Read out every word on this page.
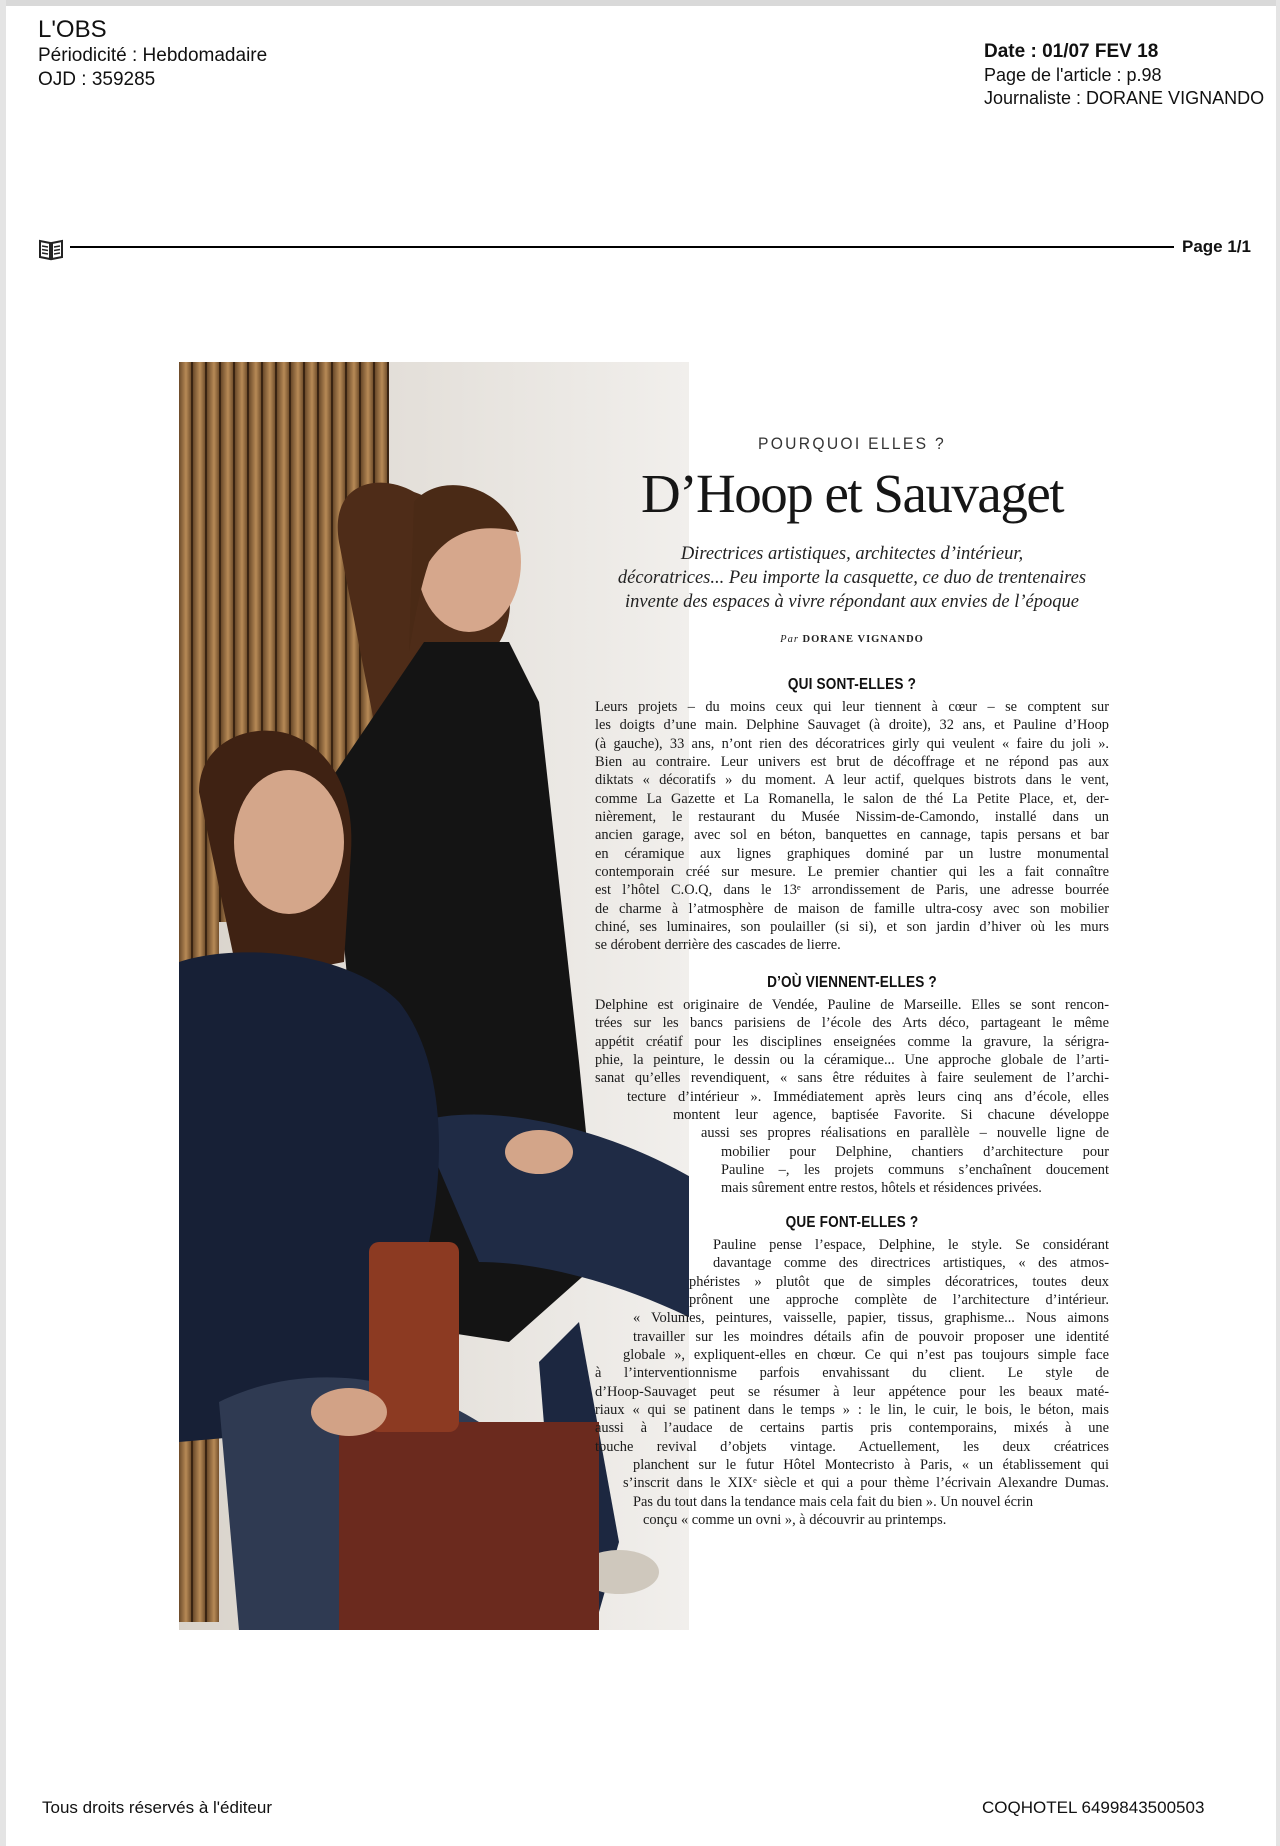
L'OBS
Périodicité : Hebdomadaire
OJD : 359285
Date : 01/07 FEV 18
Page de l'article : p.98
Journaliste : DORANE VIGNANDO
Page 1/1
POURQUOI ELLES ?
D’Hoop et Sauvaget
Directrices artistiques, architectes d’intérieur,
décoratrices... Peu importe la casquette, ce duo de trentenaires
invente des espaces à vivre répondant aux envies de l’époque
Par DORANE VIGNANDO
QUI SONT-ELLES ?
Leurs projets – du moins ceux qui leur tiennent à cœur – se comptent sur
les doigts d’une main. Delphine Sauvaget (à droite), 32 ans, et Pauline d’Hoop
(à gauche), 33 ans, n’ont rien des décoratrices girly qui veulent « faire du joli ».
Bien au contraire. Leur univers est brut de décoffrage et ne répond pas aux
diktats « décoratifs » du moment. A leur actif, quelques bistrots dans le vent,
comme La Gazette et La Romanella, le salon de thé La Petite Place, et, der-
nièrement, le restaurant du Musée Nissim-de-Camondo, installé dans un
ancien garage, avec sol en béton, banquettes en cannage, tapis persans et bar
en céramique aux lignes graphiques dominé par un lustre monumental
contemporain créé sur mesure. Le premier chantier qui les a fait connaître
est l’hôtel C.O.Q, dans le 13ᵉ arrondissement de Paris, une adresse bourrée
de charme à l’atmosphère de maison de famille ultra-cosy avec son mobilier
chiné, ses luminaires, son poulailler (si si), et son jardin d’hiver où les murs
se dérobent derrière des cascades de lierre.
D’OÙ VIENNENT-ELLES ?
Delphine est originaire de Vendée, Pauline de Marseille. Elles se sont rencon-
trées sur les bancs parisiens de l’école des Arts déco, partageant le même
appétit créatif pour les disciplines enseignées comme la gravure, la sérigra-
phie, la peinture, le dessin ou la céramique... Une approche globale de l’arti-
sanat qu’elles revendiquent, « sans être réduites à faire seulement de l’archi-
tecture d’intérieur ». Immédiatement après leurs cinq ans d’école, elles
montent leur agence, baptisée Favorite. Si chacune développe
aussi ses propres réalisations en parallèle – nouvelle ligne de
mobilier pour Delphine, chantiers d’architecture pour
Pauline –, les projets communs s’enchaînent doucement
mais sûrement entre restos, hôtels et résidences privées.
QUE FONT-ELLES ?
Pauline pense l’espace, Delphine, le style. Se considérant
davantage comme des directrices artistiques, « des atmos-
phéristes » plutôt que de simples décoratrices, toutes deux
prônent une approche complète de l’architecture d’intérieur.
« Volumes, peintures, vaisselle, papier, tissus, graphisme... Nous aimons
travailler sur les moindres détails afin de pouvoir proposer une identité
globale », expliquent-elles en chœur. Ce qui n’est pas toujours simple face
à l’interventionnisme parfois envahissant du client. Le style de
d’Hoop-Sauvaget peut se résumer à leur appétence pour les beaux maté-
riaux « qui se patinent dans le temps » : le lin, le cuir, le bois, le béton, mais
aussi à l’audace de certains partis pris contemporains, mixés à une
touche revival d’objets vintage. Actuellement, les deux créatrices
planchent sur le futur Hôtel Montecristo à Paris, « un établissement qui
s’inscrit dans le XIXᵉ siècle et qui a pour thème l’écrivain Alexandre Dumas.
Pas du tout dans la tendance mais cela fait du bien ». Un nouvel écrin
conçu « comme un ovni », à découvrir au printemps.
Tous droits réservés à l'éditeur	COQHOTEL 6499843500503
